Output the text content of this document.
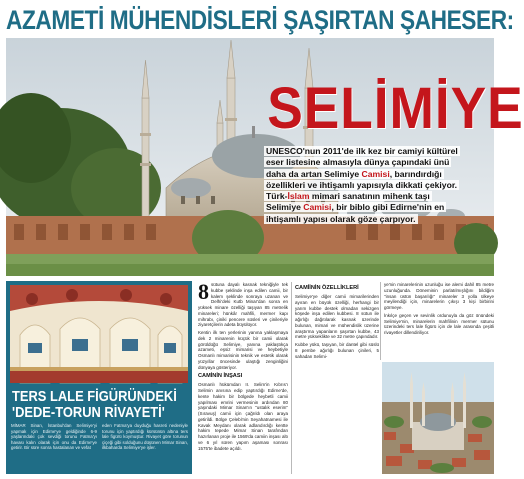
AZAMETİ MÜHENDİSLERİ ŞAŞIRTAN ŞAHESER:
SELİMİYE
UNESCO'nun 2011'de ilk kez bir camiyi kültürel
eser listesine almasıyla dünya çapındaki ünü
daha da artan Selimiye Camisi, barındırdığı
özellikleri ve ihtişamlı yapısıyla dikkati çekiyor.
Türk-İslam mimari sanatının mihenk taşı
Selimiye Camisi, bir biblo gibi Edirne'nin en
ihtişamlı yapısı olarak göze çarpıyor.
TERS LALE FİGÜRÜNDEKİ
'DEDE-TORUN RİVAYETİ'
MİMAR Sinan, İstanbul'dan Selimiye'yi yapmak için Edirne'ye geldiğinde 6-9 yaşlarındaki çok sevdiği torunu Fatma'yı havası kalın olarak için onu da Edirne'ye getirir. Bir süre sonra hastalanan ve vefat
eden Fatma'ya duyduğu hasreti nedeniyle torunu için yaptırdığı kürsünün altına ters lale figürü koymuştur. Rivayet göre torunun çiçeği gibi solduğunu düşünen Mimar Sinan, ilkbaharda Selimiye'ye işler.

8 sütuna dayalı kasnak tekniğiyle tek kubbe şeklinde inşa edilen camii, bir kalem şeklinde sonraya uzanan ve Delhi'deki Kutb Minar'dan sonra en yüksek minare özelliği taşıyan 85 metrelik minareleri; hünkâr mahfili, mermer kapı mihrabı, çiniki pencere süsleri ve çinileriyle ziyaretçilerin adeta büyülüyor.

Kentin ilk ten yerlerinin yanına yaklaşmaya dek 2 minarenin küçük bir camii olarak görüldüğü Selimiye, yanına yaklaştıkça azameti, eşsiz mimarisi ve heybetiyle Osmanlı mimarisinin teknik ve estetik olarak yüzyıllar öncesinde ulaştığı zenginliğini dünyaya gösteriyor.

CAMİNİN İNŞASI

Osmanlı hükümdarı II. Selim'in Kıbrıs'ı Selimin anısına edip yaptırdığı Edirne'de, kente hakim bir bölgede heybetli camii yapılması emrini vermesinin ardından 80 yaşındaki Mimar Sinan'ın "ustalık eserim" (Sıravuş) camii için çağrıldı olan araya getirildi. Bölge Çelebi'nin Seyahatnamesi ile Kavak Meydanı olarak adlandırdığı kentte hakim tepede Mimar Sinan tarafından hazırlanan proje ile 1569'da camiin inşası altı ve 6 yıl süren yapım aşaması sonrası 1575'te ibadete açıldı.

CAMİİNİN ÖZELLİKLERİ

Selimiye'ye diğer camii mimarilerinden ayıran en büyük özelliği, herhangi bir yarım kubbe destek olmadan sekizgen köşede inşa edilen kubbesi. 8 sütun ile ağırlığı dağıtılarak kasnak üzerinde bulunan, mimari ve mühendislik üzerine araştırma yapanların şaşırtan kubbe, 43 metre yükseklikte ve 32 metre çapındadır.

Kubbe yükü, taşıyan, bir dantel gibi süslü 8 pembe ağırlığı bulunan çinileri, 5 sahadan Selimi-

ye'nin minarelerinin uzunluğu ise alemi dahil 85 metre uzunluğunda. Döneminin parlatılmışlığını bildiğim "insan üstün başarılığı" minareler 3 yolla ülkeye meyilendiği için, minarelerin çıkışı 3 kişi birbirini görmeye.

İnkılçe geçen ve sevinlik ordunuyla da göz önündeki Selimiye'nin, minarelerin mahfilinin mermer sütunu üzerindeki ters lale figürü için de lale arasında çeşitli rivayetler dillendiriliyor.
